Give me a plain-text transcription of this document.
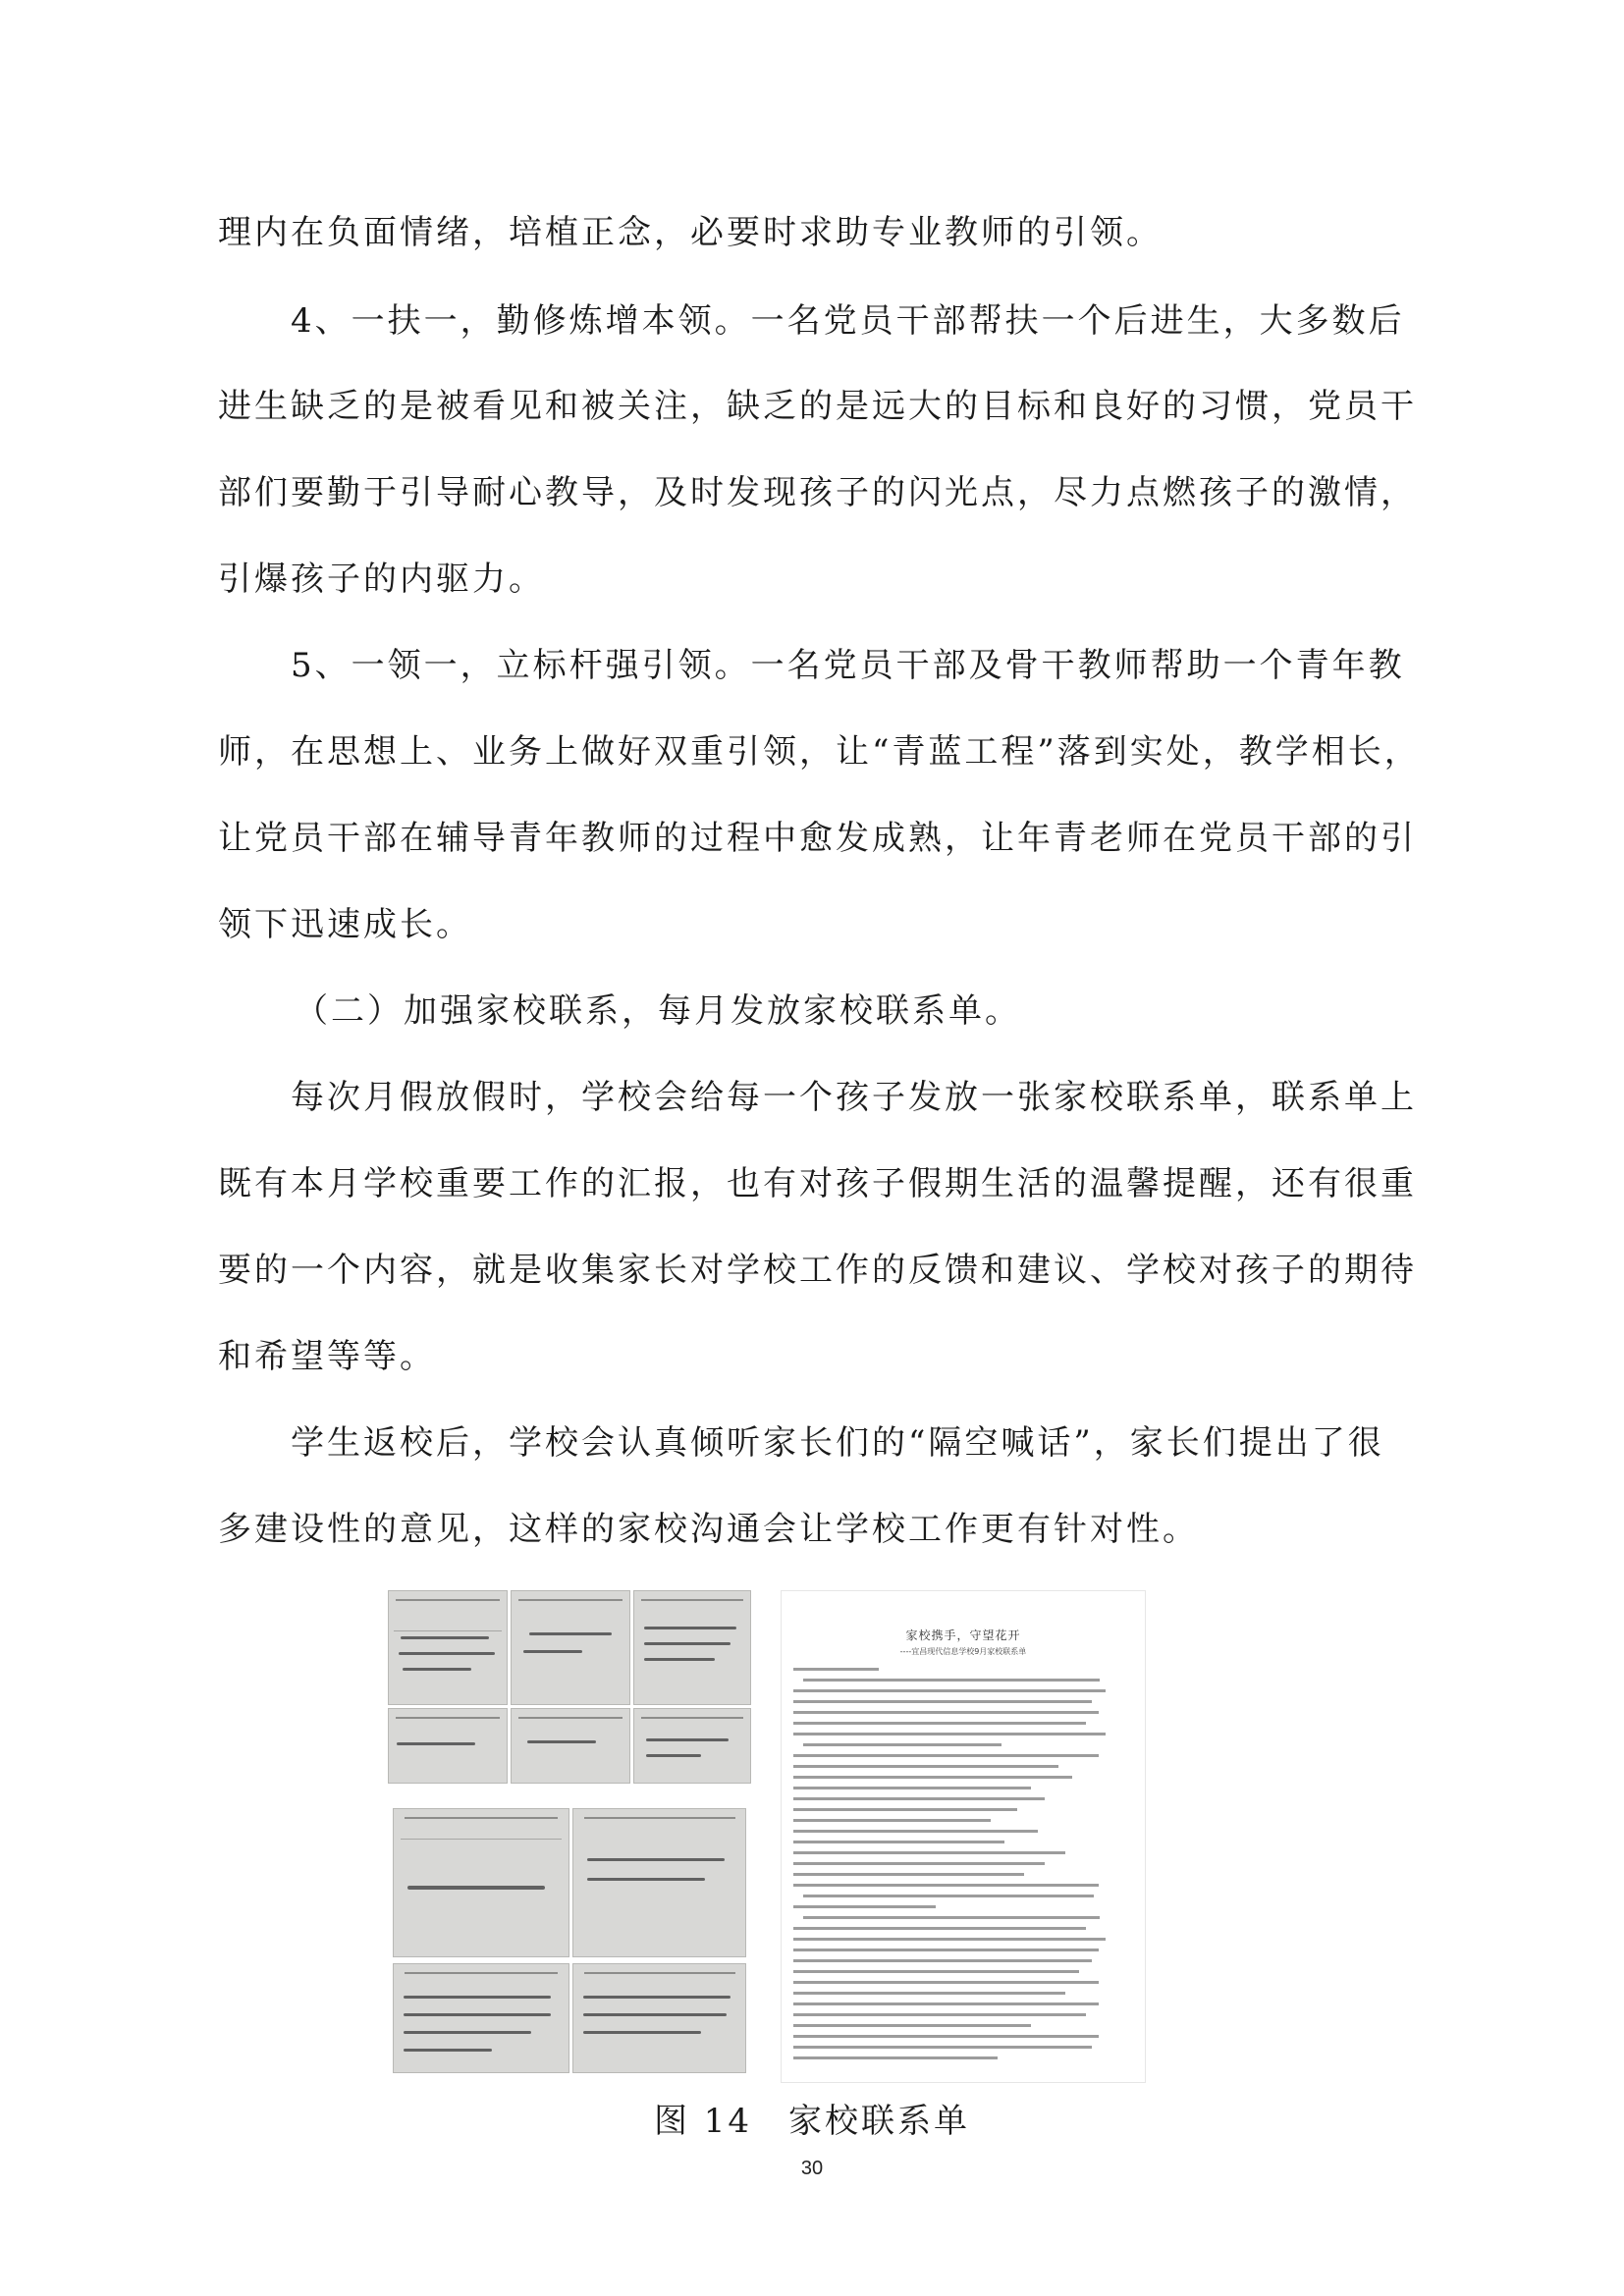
理内在负面情绪，培植正念，必要时求助专业教师的引领。
4、一扶一，勤修炼增本领。一名党员干部帮扶一个后进生，大多数后
进生缺乏的是被看见和被关注，缺乏的是远大的目标和良好的习惯，党员干
部们要勤于引导耐心教导，及时发现孩子的闪光点，尽力点燃孩子的激情，
引爆孩子的内驱力。
5、一领一，立标杆强引领。一名党员干部及骨干教师帮助一个青年教
师，在思想上、业务上做好双重引领，让“青蓝工程”落到实处，教学相长，
让党员干部在辅导青年教师的过程中愈发成熟，让年青老师在党员干部的引
领下迅速成长。
（二）加强家校联系，每月发放家校联系单。
每次月假放假时，学校会给每一个孩子发放一张家校联系单，联系单上
既有本月学校重要工作的汇报，也有对孩子假期生活的温馨提醒，还有很重
要的一个内容，就是收集家长对学校工作的反馈和建议、学校对孩子的期待
和希望等等。
学生返校后，学校会认真倾听家长们的“隔空喊话”，家长们提出了很
多建设性的意见，这样的家校沟通会让学校工作更有针对性。
家校携手，守望花开
----宜昌现代信息学校9月家校联系单
图 14　家校联系单
30
